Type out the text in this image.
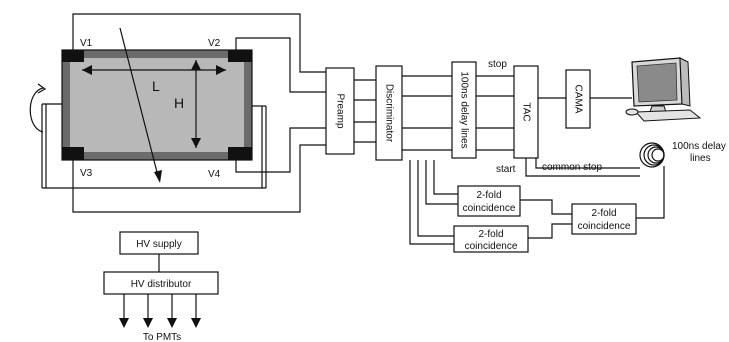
V1	V2
V3	V4
L
H	Preamp	Discriminator	100ns delay lines
stop
TAC	CAMA
start	common stop
100ns delay
lines
2-fold
coincidence
2-fold
coincidence
2-fold
coincidence
HV supply
HV distributor
To PMTs
